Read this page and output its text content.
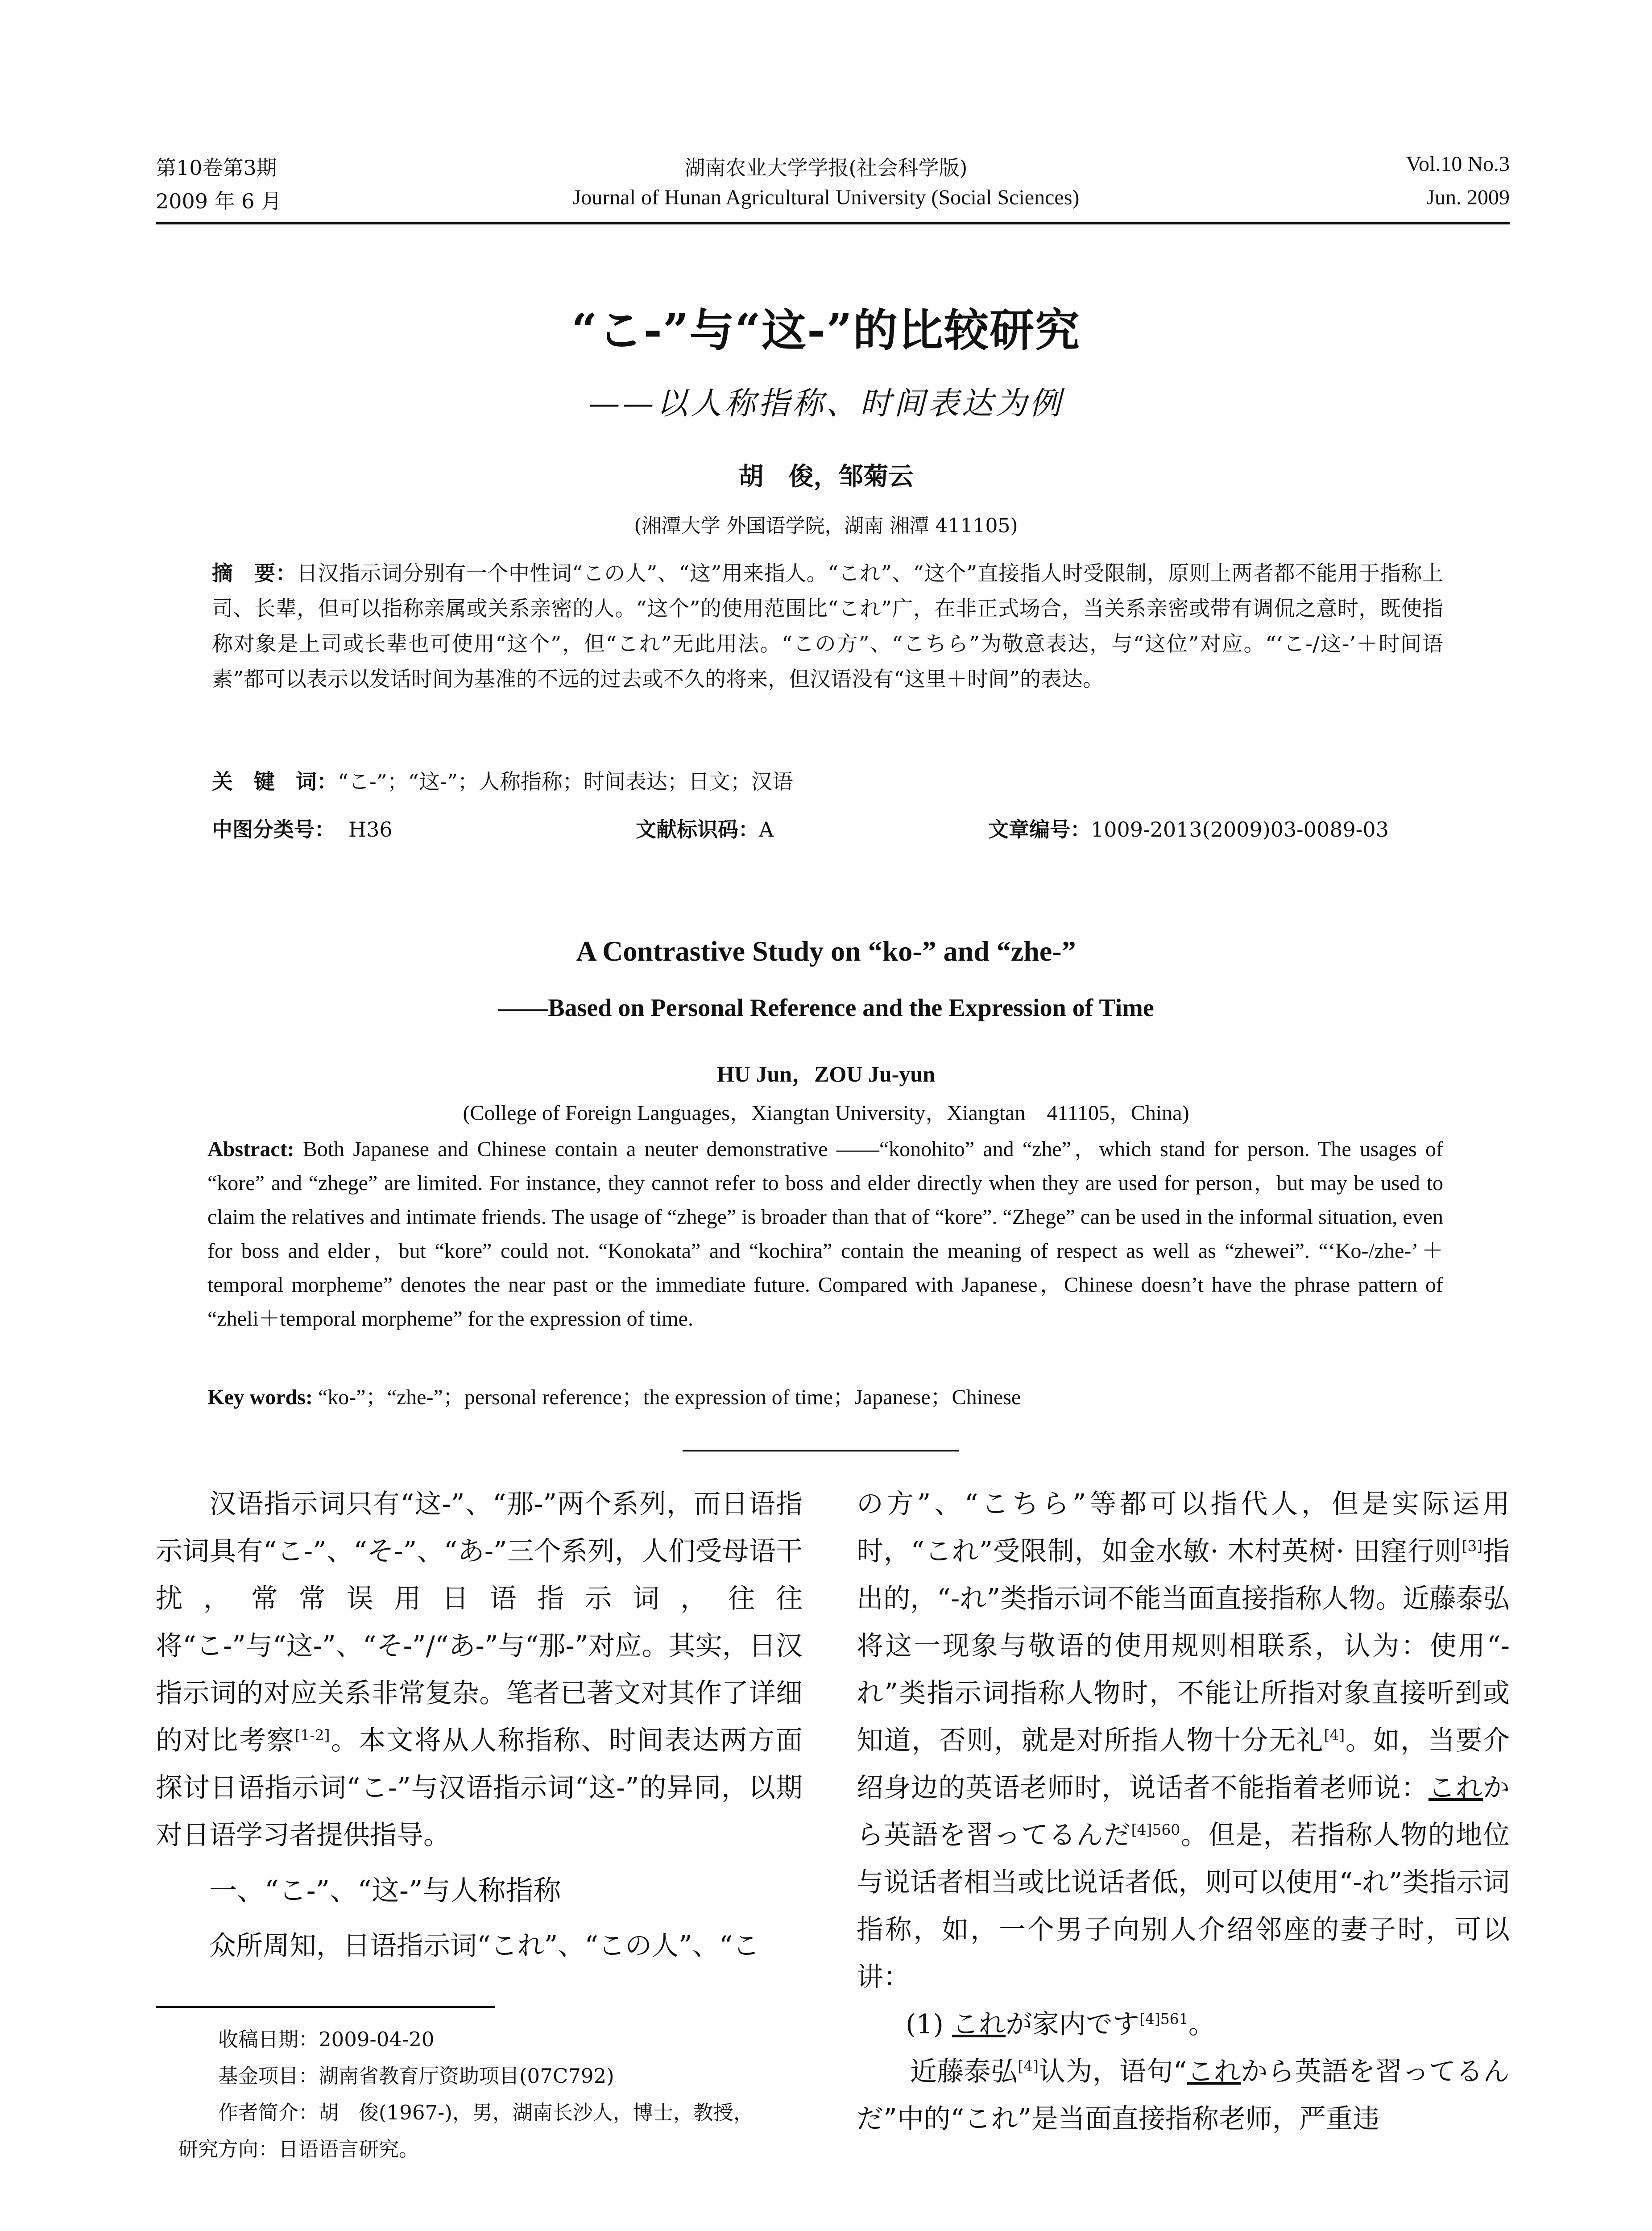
第10卷第3期
2009 年 6 月
湖南农业大学学报(社会科学版)
Journal of Hunan Agricultural University (Social Sciences)
Vol.10 No.3
Jun. 2009
“こ-”与“这-”的比较研究
——以人称指称、时间表达为例
胡　俊，邹菊云
(湘潭大学 外国语学院，湖南 湘潭 411105)
摘　要：日汉指示词分别有一个中性词“この人”、“这”用来指人。“これ”、“这个”直接指人时受限制，原则上两者都不能用于指称上司、长辈，但可以指称亲属或关系亲密的人。“这个”的使用范围比“これ”广，在非正式场合，当关系亲密或带有调侃之意时，既使指称对象是上司或长辈也可使用“这个”，但“これ”无此用法。“この方”、“こちら”为敬意表达，与“这位”对应。“‘こ-/这-’＋时间语素”都可以表示以发话时间为基准的不远的过去或不久的将来，但汉语没有“这里＋时间”的表达。
关　键　词：“こ-”；“这-”；人称指称；时间表达；日文；汉语
中图分类号： H36	文献标识码：A	文章编号：1009-2013(2009)03-0089-03
A Contrastive Study on “ko-” and “zhe-”
——Based on Personal Reference and the Expression of Time
HU Jun，ZOU Ju-yun
(College of Foreign Languages，Xiangtan University，Xiangtan　411105，China)
Abstract: Both Japanese and Chinese contain a neuter demonstrative ——“konohito” and “zhe”，which stand for person. The usages of “kore” and “zhege” are limited. For instance, they cannot refer to boss and elder directly when they are used for person，but may be used to claim the relatives and intimate friends. The usage of “zhege” is broader than that of “kore”. “Zhege” can be used in the informal situation, even for boss and elder，but “kore” could not. “Konokata” and “kochira” contain the meaning of respect as well as “zhewei”. “‘Ko-/zhe-’＋temporal morpheme” denotes the near past or the immediate future. Compared with Japanese，Chinese doesn’t have the phrase pattern of “zheli＋temporal morpheme” for the expression of time.
Key words: “ko-”；“zhe-”；personal reference；the expression of time；Japanese；Chinese

汉语指示词只有“这-”、“那-”两个系列，而日语指示词具有“こ-”、“そ-”、“あ-”三个系列，人们受母语干扰，常常误用日语指示词，往往将“こ-”与“这-”、“そ-”/“あ-”与“那-”对应。其实，日汉指示词的对应关系非常复杂。笔者已著文对其作了详细的对比考察[1-2]。本文将从人称指称、时间表达两方面探讨日语指示词“こ-”与汉语指示词“这-”的异同，以期对日语学习者提供指导。

一、“こ-”、“这-”与人称指称

众所周知，日语指示词“これ”、“この人”、“こ

の方”、“こちら”等都可以指代人，但是实际运用时，“これ”受限制，如金水敏· 木村英树· 田窪行则[3]指出的，“-れ”类指示词不能当面直接指称人物。近藤泰弘将这一现象与敬语的使用规则相联系，认为：使用“-れ”类指示词指称人物时，不能让所指对象直接听到或知道，否则，就是对所指人物十分无礼[4]。如，当要介绍身边的英语老师时，说话者不能指着老师说：これから英語を習ってるんだ$^{[4]560}$。但是，若指称人物的地位与说话者相当或比说话者低，则可以使用“-れ”类指示词指称，如，一个男子向别人介绍邻座的妻子时，可以讲：

(1) これが家内です$^{[4]561}$。

近藤泰弘[4]认为，语句“これから英語を習ってるんだ”中的“これ”是当面直接指称老师，严重违

收稿日期：2009-04-20
基金项目：湖南省教育厅资助项目(07C792)
作者简介：胡　俊(1967-)，男，湖南长沙人，博士，教授，
研究方向：日语语言研究。
